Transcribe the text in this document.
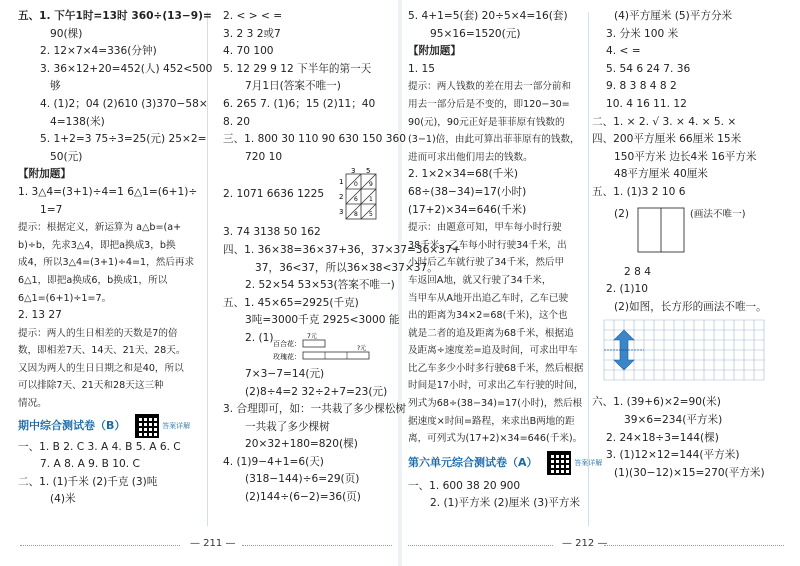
五、1. 下午1时=13时 360÷(13−9)=
90(棵)
2. 12×7×4=336(分钟)
3. 36×12+20=452(人) 452<500
够
4. (1)2；04 (2)610 (3)370−58×
4=138(米)
5. 1+2=3 75÷3=25(元) 25×2=
50(元)
【附加题】
1. 3△4=(3+1)÷4=1 6△1=(6+1)÷
1=7
提示：根据定义，新运算为 a△b=(a+
b)÷b，先求3△4，即把a换成3，b换
成4，所以3△4=(3+1)÷4=1，然后再求
6△1，即把a换成6，b换成1，所以
6△1=(6+1)÷1=7。
2. 13 27
提示：两人的生日相差的天数是7的倍
数，即相差7天、14天、21天、28天。
又因为两人的生日日期之和是40，所以
可以排除7天、21天和28天这三种
情况。
期中综合测试卷（B）	答案详解
一、1. B 2. C 3. A 4. B 5. A 6. C
7. A 8. A 9. B 10. C
二、1. (1)千米 (2)千克 (3)吨
(4)米
2. < > < =
3. 2 3 2或7
4. 70 100
5. 12 29 9 12 下半年的第一天
7月1日(答案不唯一)
6. 265 7. (1)6；15 (2)11；40
8. 20
三、1. 800 30 110 90 630 150 360
720 10
2. 1071 6636 1225
3 5
1
2
3
0 9
6 1
8 5
3. 74 3138 50 162
四、1. 36×38=36×37+36，37×37=36×37+
37，36<37，所以36×38<37×37。
2. 52×54 53×53(答案不唯一)
五、1. 45×65=2925(千克)
3吨=3000千克 2925<3000 能
2. (1) 百合花：
玫瑰花：
7元
?元
7×3−7=14(元)
(2)8÷4=2 32÷2+7=23(元)
3. 合理即可，如：一共栽了多少棵松树
一共栽了多少棵树
20×32+180=820(棵)
4. (1)9−4+1=6(天)
(318−144)÷6=29(页)
(2)144÷(6−2)=36(页)
5. 4+1=5(套) 20÷5×4=16(套)
95×16=1520(元)
【附加题】
1. 15
提示：两人钱数的差在用去一部分前和
用去一部分后是不变的，即120−30=
90(元)，90元正好是菲菲原有钱数的
(3−1)倍，由此可算出菲菲原有的钱数，
进而可求出他们用去的钱数。
2. 1×2×34=68(千米)
68÷(38−34)=17(小时)
(17+2)×34=646(千米)
提示：由题意可知，甲车每小时行驶
38千米，乙车每小时行驶34千米，出
小时后乙车就行驶了34千米，然后甲
车返回A地，就又行驶了34千米，
当甲车从A地开出追乙车时，乙车已驶
出的距离为34×2=68(千米)，这个也
就是二者的追及距离为68千米，根据追
及距离÷速度差=追及时间，可求出甲车
比乙车多少小时多行驶68千米，然后根据
时间是17小时，可求出乙车行驶的时间，
列式为68÷(38−34)=17(小时)，然后根
据速度×时间=路程，来求出B两地的距
离，可列式为(17+2)×34=646(千米)。
第六单元综合测试卷（A）	答案详解
一、1. 600 38 20 900
2. (1)平方米 (2)厘米 (3)平方米
(4)平方厘米 (5)平方分米
3. 分米 100 米
4. < =
5. 54 6 24 7. 36
9. 8 3 8 4 8 2
10. 4 16 11. 12
二、1. × 2. √ 3. × 4. × 5. ×
四、200平方厘米 66厘米 15米
150平方米 边长4米 16平方米
48平方厘米 40厘米
五、1. (1)3 2 10 6
(2)	(画法不唯一)
2 8 4
2. (1)10
(2)如图，长方形的画法不唯一。
六、1. (39+6)×2=90(米)
39×6=234(平方米)
2. 24×18÷3=144(棵)
3. (1)12×12=144(平方米)
(1)(30−12)×15=270(平方米)
— 211 —	— 212 —
